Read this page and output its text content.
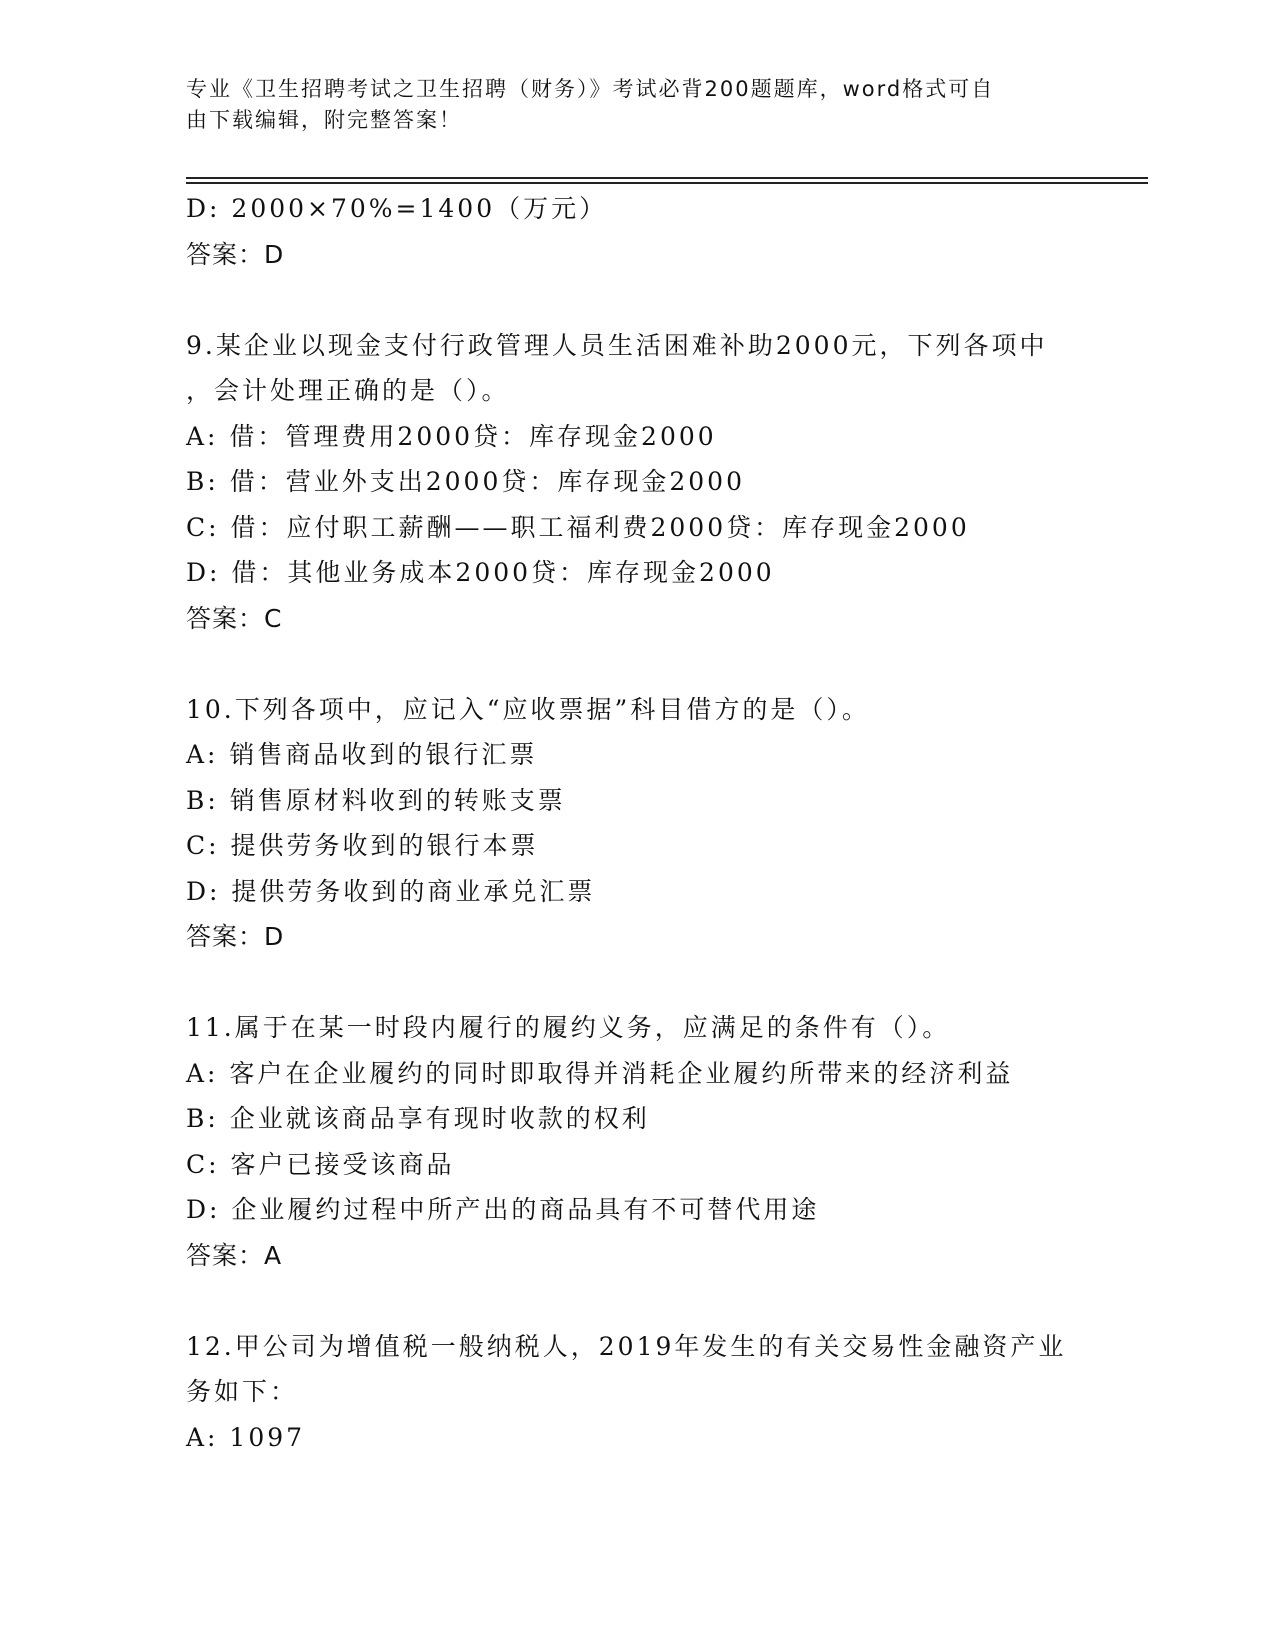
专业《卫生招聘考试之卫生招聘（财务）》考试必背200题题库，word格式可自
由下载编辑，附完整答案！
D: 2000×70%=1400（万元）
答案：D
9.某企业以现金支付行政管理人员生活困难补助2000元，下列各项中
，会计处理正确的是（）。
A: 借：管理费用2000贷：库存现金2000
B: 借：营业外支出2000贷：库存现金2000
C: 借：应付职工薪酬——职工福利费2000贷：库存现金2000
D: 借：其他业务成本2000贷：库存现金2000
答案：C
10.下列各项中，应记入“应收票据”科目借方的是（）。
A: 销售商品收到的银行汇票
B: 销售原材料收到的转账支票
C: 提供劳务收到的银行本票
D: 提供劳务收到的商业承兑汇票
答案：D
11.属于在某一时段内履行的履约义务，应满足的条件有（）。
A: 客户在企业履约的同时即取得并消耗企业履约所带来的经济利益
B: 企业就该商品享有现时收款的权利
C: 客户已接受该商品
D: 企业履约过程中所产出的商品具有不可替代用途
答案：A
12.甲公司为增值税一般纳税人，2019年发生的有关交易性金融资产业
务如下：
A: 1097
